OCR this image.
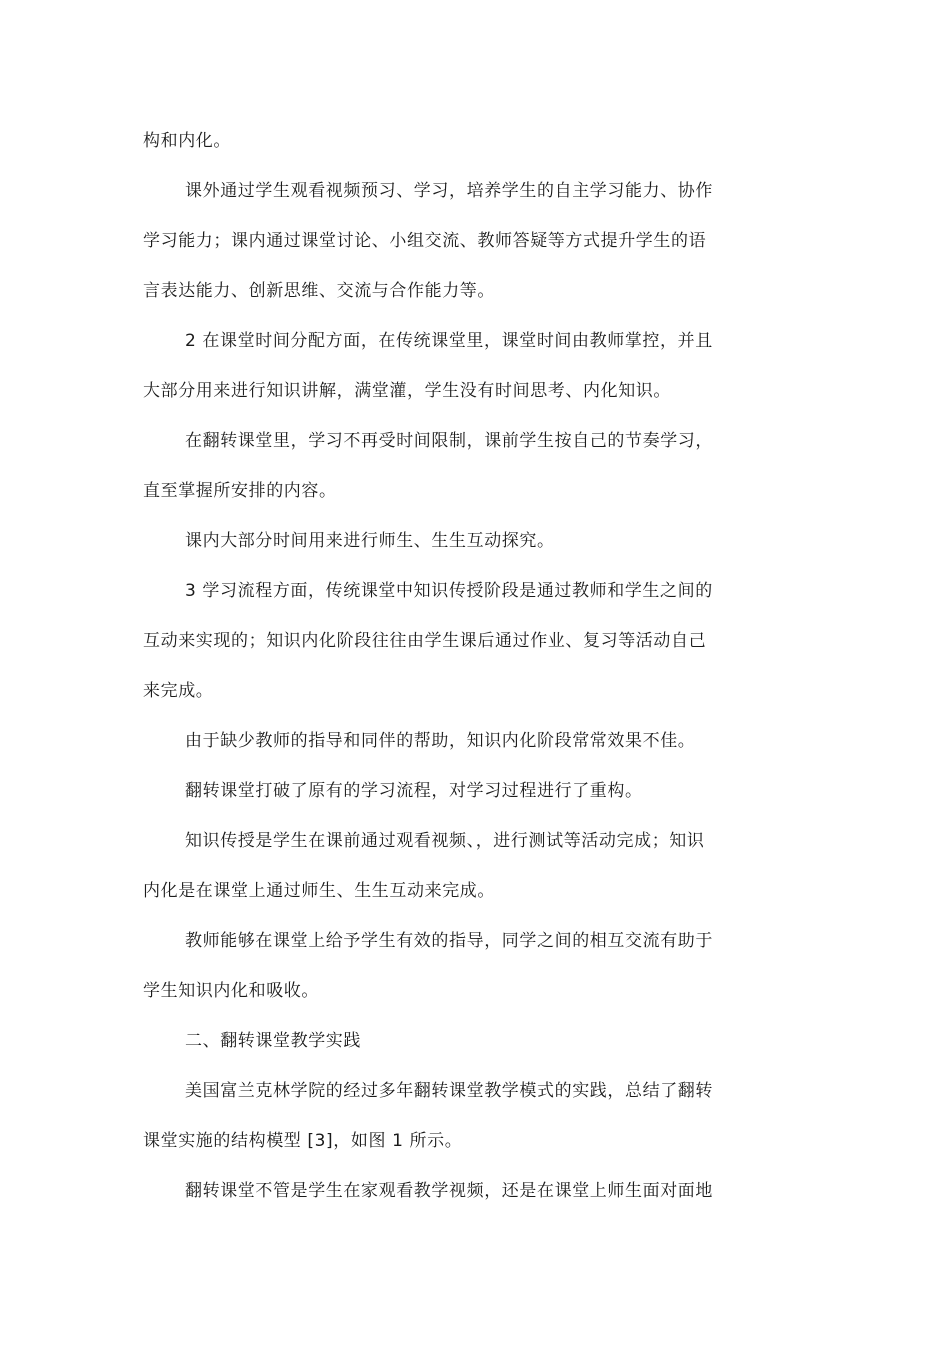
构和内化。
课外通过学生观看视频预习、学习，培养学生的自主学习能力、协作
学习能力；课内通过课堂讨论、小组交流、教师答疑等方式提升学生的语
言表达能力、创新思维、交流与合作能力等。
2 在课堂时间分配方面，在传统课堂里，课堂时间由教师掌控，并且
大部分用来进行知识讲解，满堂灌，学生没有时间思考、内化知识。
在翻转课堂里，学习不再受时间限制，课前学生按自己的节奏学习，
直至掌握所安排的内容。
课内大部分时间用来进行师生、生生互动探究。
3 学习流程方面，传统课堂中知识传授阶段是通过教师和学生之间的
互动来实现的；知识内化阶段往往由学生课后通过作业、复习等活动自己
来完成。
由于缺少教师的指导和同伴的帮助，知识内化阶段常常效果不佳。
翻转课堂打破了原有的学习流程，对学习过程进行了重构。
知识传授是学生在课前通过观看视频、，进行测试等活动完成；知识
内化是在课堂上通过师生、生生互动来完成。
教师能够在课堂上给予学生有效的指导，同学之间的相互交流有助于
学生知识内化和吸收。
二、翻转课堂教学实践
美国富兰克林学院的经过多年翻转课堂教学模式的实践，总结了翻转
课堂实施的结构模型 [3]，如图 1 所示。
翻转课堂不管是学生在家观看教学视频，还是在课堂上师生面对面地
